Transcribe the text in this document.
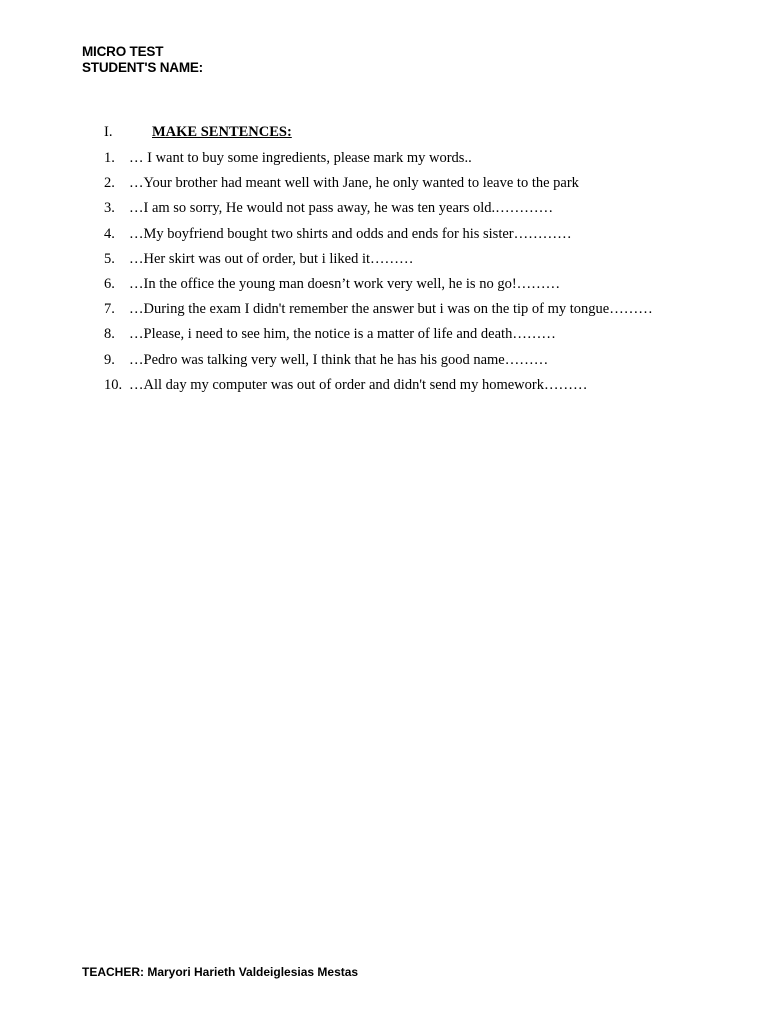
MICRO TEST
STUDENT'S NAME:
I.	MAKE SENTENCES:
1. … I want to buy some ingredients, please mark my words..
2. …Your brother had meant well with Jane, he only wanted to leave to the park
3. …I am so sorry, He would not pass away, he was ten years old.…………
4. …My boyfriend bought two shirts and odds and ends for his sister…………
5. …Her skirt was out of order, but i liked it………
6. …In the office the young man doesn’t work very well, he is no go!………
7. …During the exam I didn't remember the answer but i was on the tip of my tongue………
8. …Please, i need to see him, the notice is a matter of life and death………
9. …Pedro was talking very well, I think that he has his good name………
10. …All day my computer was out of order and didn't send my homework………
TEACHER: Maryori Harieth Valdeiglesias Mestas
